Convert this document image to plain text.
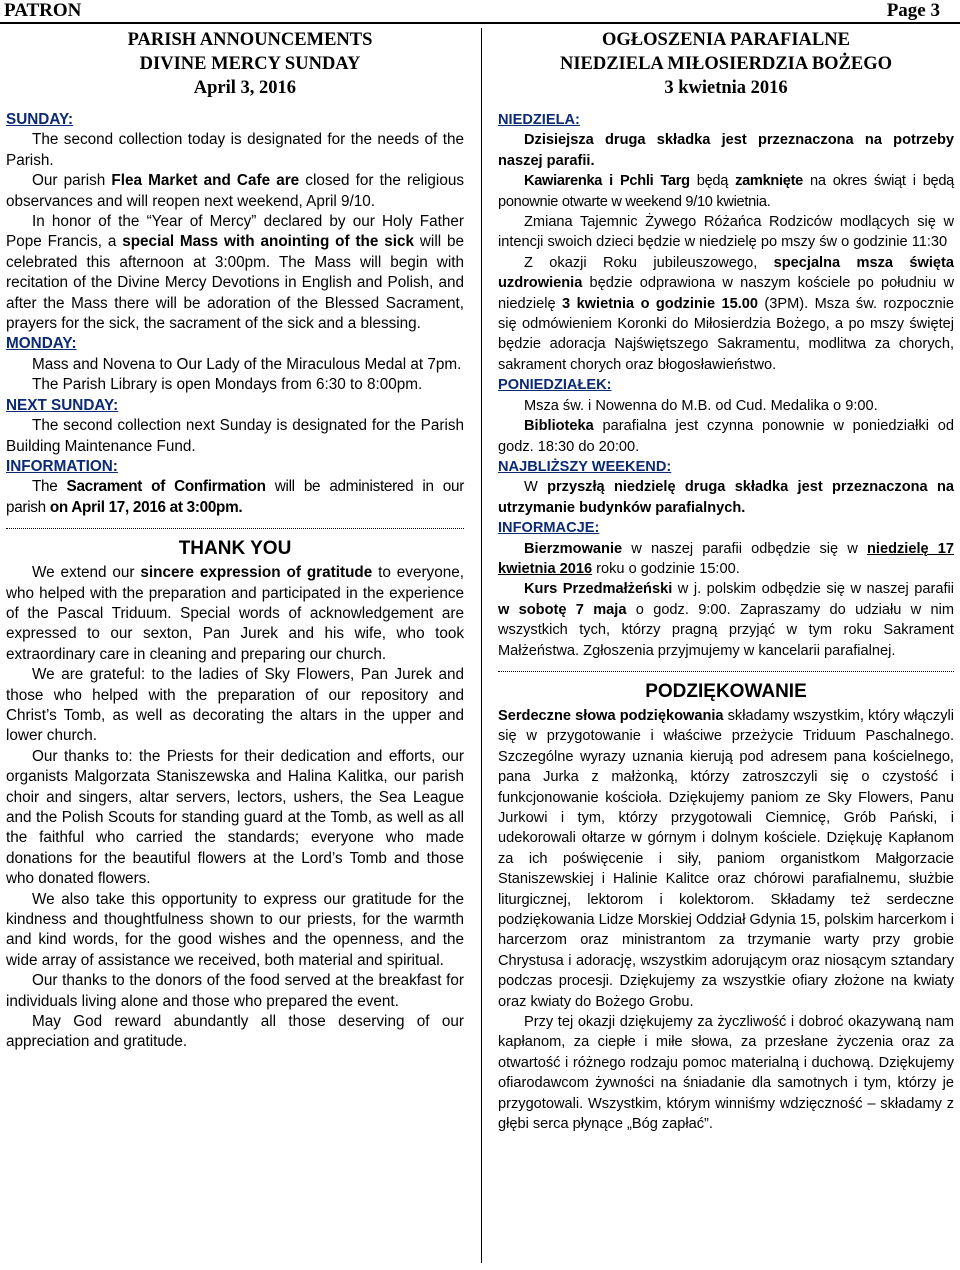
PATRON	Page 3
PARISH ANNOUNCEMENTS
DIVINE MERCY SUNDAY
April 3, 2016
SUNDAY:

The second collection today is designated for the needs of the Parish.

Our parish Flea Market and Cafe are closed for the religious observances and will reopen next weekend, April 9/10.

In honor of the “Year of Mercy” declared by our Holy Father Pope Francis, a special Mass with anointing of the sick will be celebrated this afternoon at 3:00pm. The Mass will begin with recitation of the Divine Mercy Devotions in English and Polish, and after the Mass there will be adoration of the Blessed Sacrament, prayers for the sick, the sacrament of the sick and a blessing.

MONDAY:

Mass and Novena to Our Lady of the Miraculous Medal at 7pm.

The Parish Library is open Mondays from 6:30 to 8:00pm.

NEXT SUNDAY:

The second collection next Sunday is designated for the Parish Building Maintenance Fund.

INFORMATION:

The Sacrament of Confirmation will be administered in our parish on April 17, 2016 at 3:00pm.

THANK YOU

We extend our sincere expression of gratitude to everyone, who helped with the preparation and participated in the experience of the Pascal Triduum. Special words of acknowledgement are expressed to our sexton, Pan Jurek and his wife, who took extraordinary care in cleaning and preparing our church.

We are grateful: to the ladies of Sky Flowers, Pan Jurek and those who helped with the preparation of our repository and Christ’s Tomb, as well as decorating the altars in the upper and lower church.

Our thanks to: the Priests for their dedication and efforts, our organists Malgorzata Staniszewska and Halina Kalitka, our parish choir and singers, altar servers, lectors, ushers, the Sea League and the Polish Scouts for standing guard at the Tomb, as well as all the faithful who carried the standards; everyone who made donations for the beautiful flowers at the Lord’s Tomb and those who donated flowers.

We also take this opportunity to express our gratitude for the kindness and thoughtfulness shown to our priests, for the warmth and kind words, for the good wishes and the openness, and the wide array of assistance we received, both material and spiritual.

Our thanks to the donors of the food served at the breakfast for individuals living alone and those who prepared the event.

May God reward abundantly all those deserving of our appreciation and gratitude.

OGŁOSZENIA PARAFIALNE
NIEDZIELA MIŁOSIERDZIA BOŻEGO
3 kwietnia 2016
NIEDZIELA:

Dzisiejsza druga składka jest przeznaczona na potrzeby naszej parafii.

Kawiarenka i Pchli Targ będą zamknięte na okres świąt i będą ponownie otwarte w weekend 9/10 kwietnia.

Zmiana Tajemnic Żywego Różańca Rodziców modlących się w intencji swoich dzieci będzie w niedzielę po mszy św o godzinie 11:30

Z okazji Roku jubileuszowego, specjalna msza święta uzdrowienia będzie odprawiona w naszym kościele po południu w niedzielę 3 kwietnia o godzinie 15.00 (3PM). Msza św. rozpocznie się odmówieniem Koronki do Miłosierdzia Bożego, a po mszy świętej będzie adoracja Najświętszego Sakramentu, modlitwa za chorych, sakrament chorych oraz błogosławieństwo.

PONIEDZIAŁEK:

Msza św. i Nowenna do M.B. od Cud. Medalika o 9:00.

Biblioteka parafialna jest czynna ponownie w poniedziałki od godz. 18:30 do 20:00.

NAJBLIŻSZY WEEKEND:

W przyszłą niedzielę druga składka jest przeznaczona na utrzymanie budynków parafialnych.

INFORMACJE:

Bierzmowanie w naszej parafii odbędzie się w niedzielę 17 kwietnia 2016 roku o godzinie 15:00.

Kurs Przedmałżeński w j. polskim odbędzie się w naszej parafii w sobotę 7 maja o godz. 9:00. Zapraszamy do udziału w nim wszystkich tych, którzy pragną przyjąć w tym roku Sakrament Małżeństwa. Zgłoszenia przyjmujemy w kancelarii parafialnej.

PODZIĘKOWANIE

Serdeczne słowa podziękowania składamy wszystkim, który włączyli się w przygotowanie i właściwe przeżycie Triduum Paschalnego. Szczególne wyrazy uznania kierują pod adresem pana kościelnego, pana Jurka z małżonką, którzy zatroszczyli się o czystość i funkcjonowanie kościoła. Dziękujemy paniom ze Sky Flowers, Panu Jurkowi i tym, którzy przygotowali Ciemnicę, Grób Pański, i udekorowali ołtarze w górnym i dolnym kościele. Dziękuję Kapłanom za ich poświęcenie i siły, paniom organistkom Małgorzacie Staniszewskiej i Halinie Kalitce oraz chórowi parafialnemu, służbie liturgicznej, lektorom i kolektorom. Składamy też serdeczne podziękowania Lidze Morskiej Oddział Gdynia 15, polskim harcerkom i harcerzom oraz ministrantom za trzymanie warty przy grobie Chrystusa i adorację, wszystkim adorującym oraz niosącym sztandary podczas procesji. Dziękujemy za wszystkie ofiary złożone na kwiaty oraz kwiaty do Bożego Grobu.

Przy tej okazji dziękujemy za życzliwość i dobroć okazywaną nam kapłanom, za ciepłe i miłe słowa, za przesłane życzenia oraz za otwartość i różnego rodzaju pomoc materialną i duchową. Dziękujemy ofiarodawcom żywności na śniadanie dla samotnych i tym, którzy je przygotowali. Wszystkim, którym winniśmy wdzięczność – składamy z głębi serca płynące „Bóg zapłać”.
